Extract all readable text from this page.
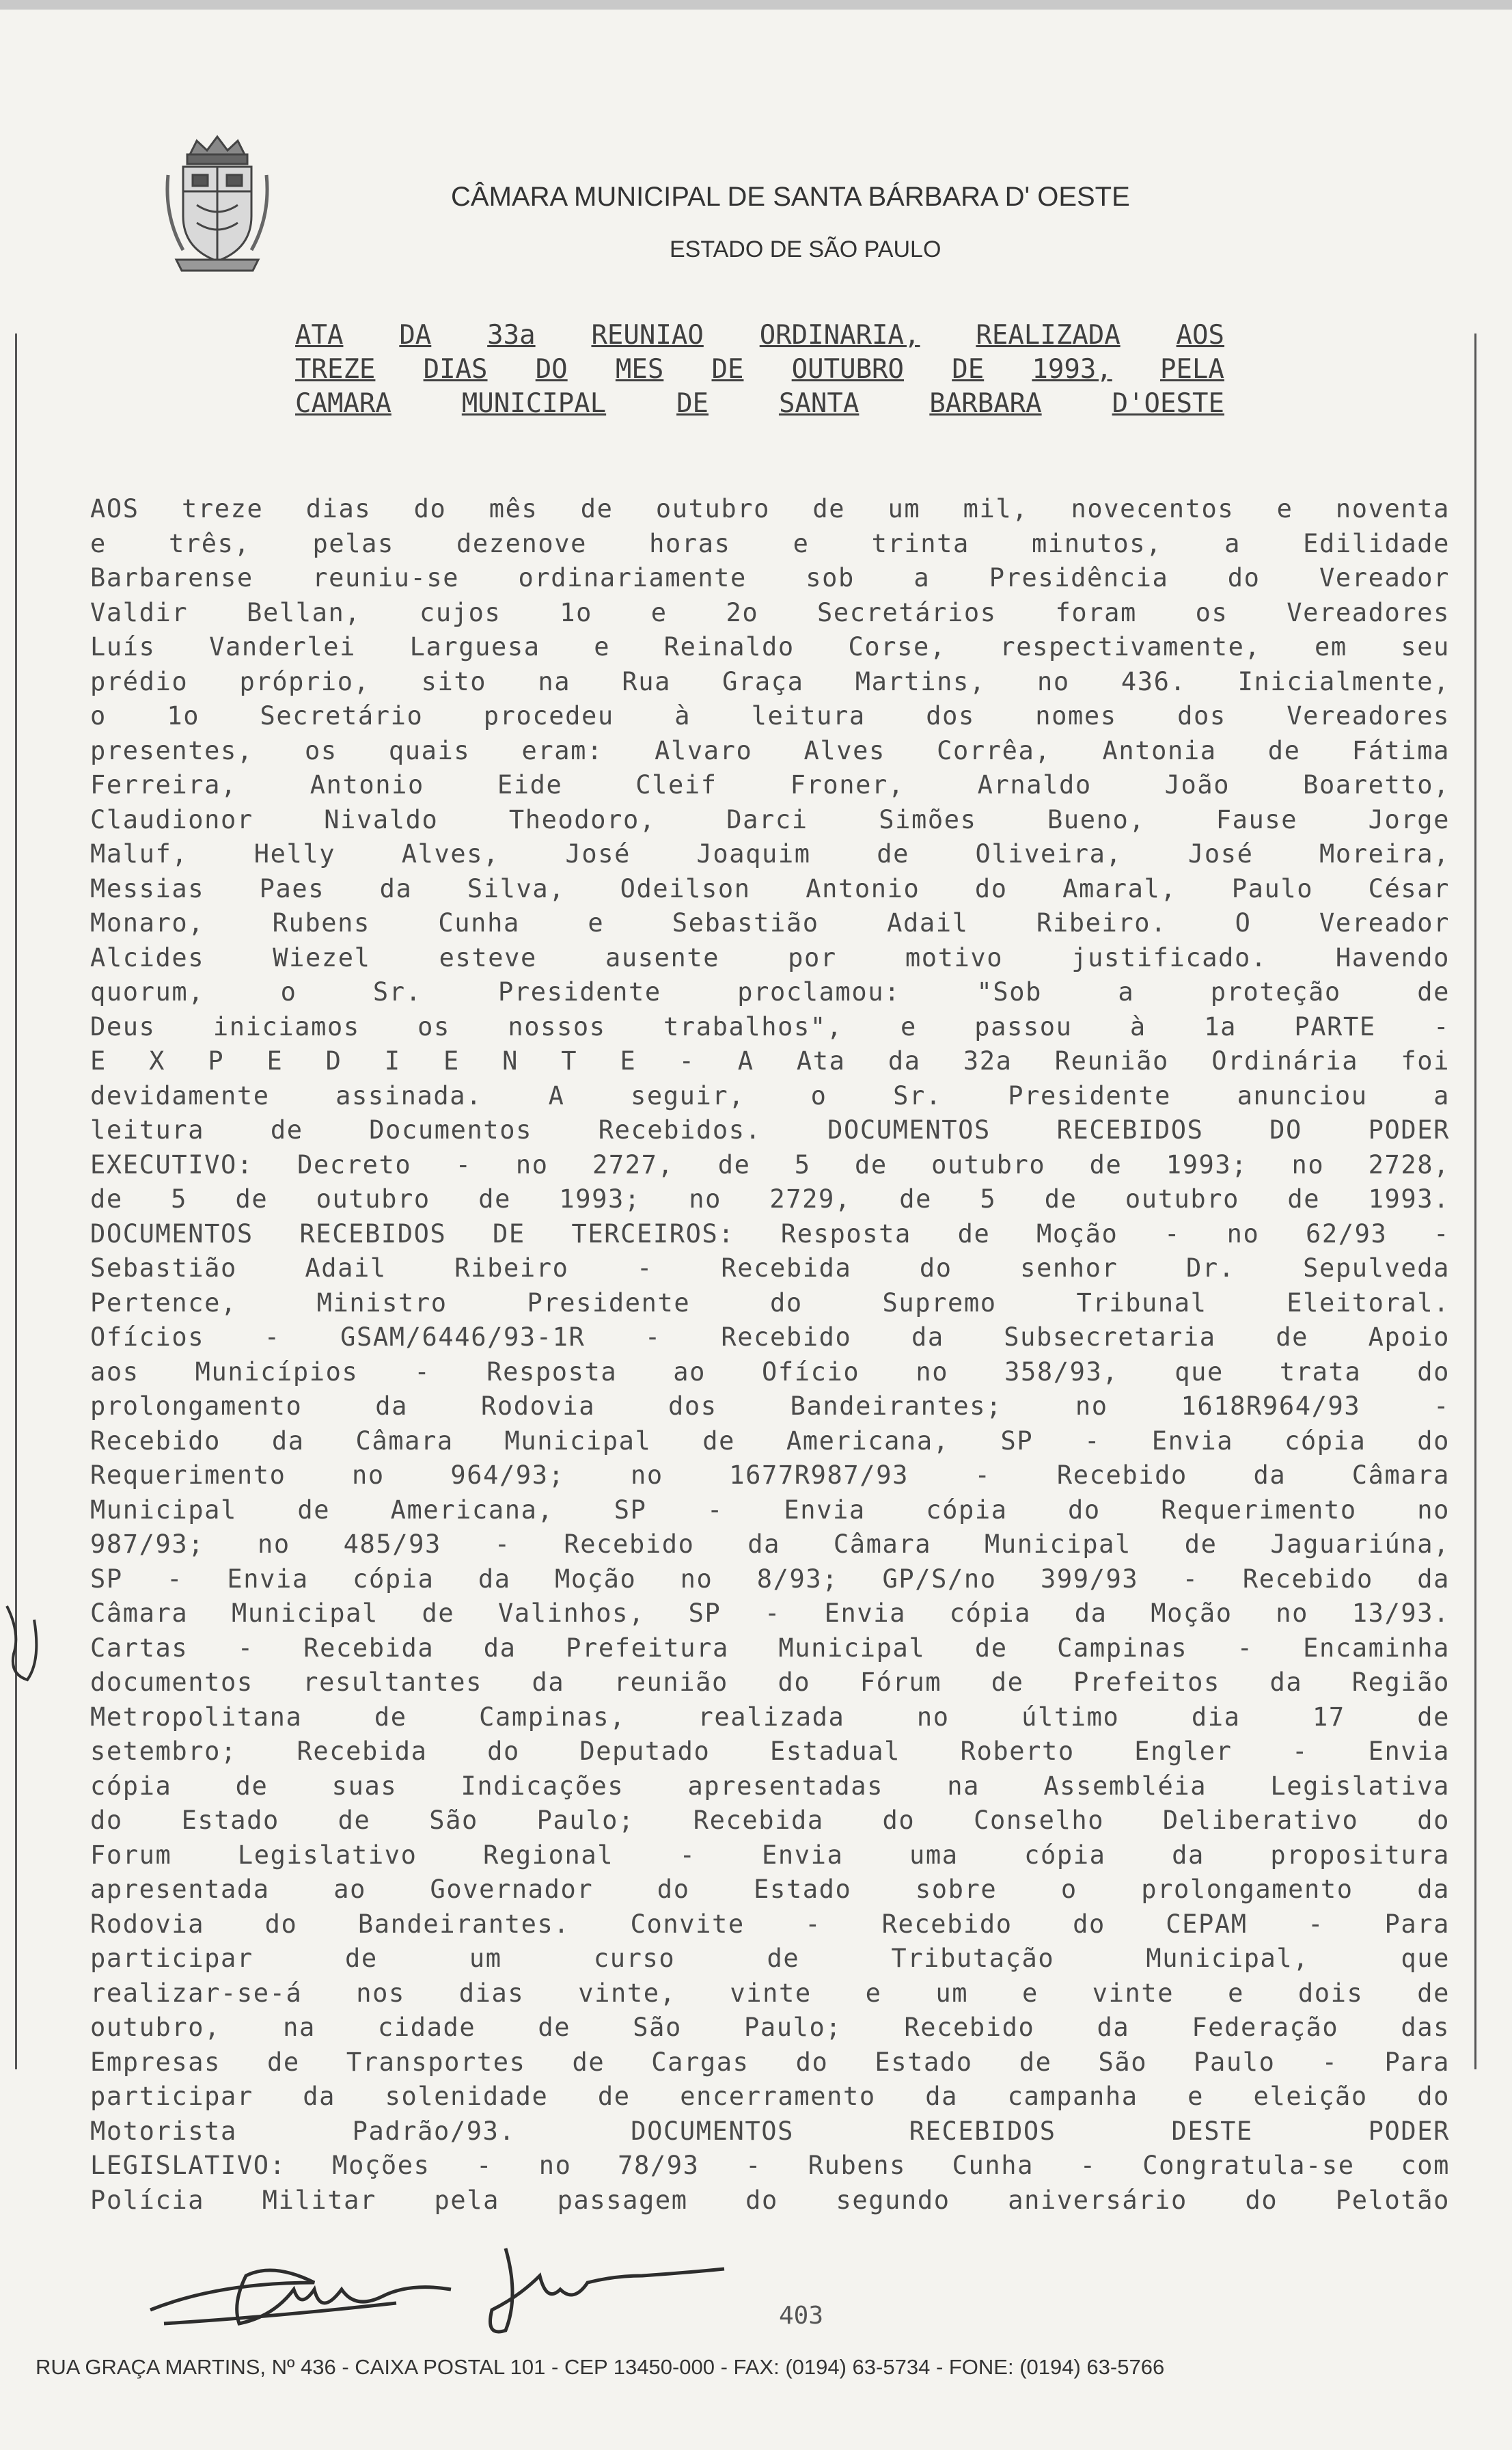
CÂMARA MUNICIPAL DE SANTA BÁRBARA D' OESTE
ESTADO DE SÃO PAULO
ATA DA 33a REUNIAO ORDINARIA, REALIZADA AOS
TREZE DIAS DO MES DE OUTUBRO DE 1993, PELA
CAMARA	MUNICIPAL	DE	SANTA	BARBARA	D'OESTE
AOS treze dias do mês de outubro de um mil, novecentos e noventa
e três, pelas dezenove horas e trinta minutos, a Edilidade
Barbarense reuniu-se ordinariamente sob a Presidência do Vereador
Valdir Bellan, cujos 1o e 2o Secretários foram os Vereadores
Luís Vanderlei Larguesa e Reinaldo Corse, respectivamente, em seu
prédio próprio, sito na Rua Graça Martins, no 436. Inicialmente,
o 1o Secretário procedeu à leitura dos nomes dos Vereadores
presentes, os quais eram: Alvaro Alves Corrêa, Antonia de Fátima
Ferreira, Antonio Eide Cleif Froner, Arnaldo João Boaretto,
Claudionor Nivaldo Theodoro, Darci Simões Bueno, Fause Jorge
Maluf, Helly Alves, José Joaquim de Oliveira, José Moreira,
Messias Paes da Silva, Odeilson Antonio do Amaral, Paulo César
Monaro, Rubens Cunha e Sebastião Adail Ribeiro. O Vereador
Alcides Wiezel esteve ausente por motivo justificado. Havendo
quorum, o Sr. Presidente proclamou: "Sob a proteção de
Deus iniciamos os nossos trabalhos", e passou à 1a PARTE -
E X P E D I E N T E - A Ata da 32a Reunião Ordinária foi
devidamente assinada. A seguir, o Sr. Presidente anunciou a
leitura de Documentos Recebidos. DOCUMENTOS RECEBIDOS DO PODER
EXECUTIVO: Decreto - no 2727, de 5 de outubro de 1993; no 2728,
de 5 de outubro de 1993; no 2729, de 5 de outubro de 1993.
DOCUMENTOS RECEBIDOS DE TERCEIROS: Resposta de Moção - no 62/93 -
Sebastião Adail Ribeiro - Recebida do senhor Dr. Sepulveda
Pertence, Ministro Presidente do Supremo Tribunal Eleitoral.
Ofícios - GSAM/6446/93-1R - Recebido da Subsecretaria de Apoio
aos Municípios - Resposta ao Ofício no 358/93, que trata do
prolongamento da Rodovia dos Bandeirantes; no 1618R964/93 -
Recebido da Câmara Municipal de Americana, SP - Envia cópia do
Requerimento no 964/93; no 1677R987/93 - Recebido da Câmara
Municipal de Americana, SP - Envia cópia do Requerimento no
987/93; no 485/93 - Recebido da Câmara Municipal de Jaguariúna,
SP - Envia cópia da Moção no 8/93; GP/S/no 399/93 - Recebido da
Câmara Municipal de Valinhos, SP - Envia cópia da Moção no 13/93.
Cartas - Recebida da Prefeitura Municipal de Campinas - Encaminha
documentos resultantes da reunião do Fórum de Prefeitos da Região
Metropolitana de Campinas, realizada no último dia 17 de
setembro; Recebida do Deputado Estadual Roberto Engler - Envia
cópia de suas Indicações apresentadas na Assembléia Legislativa
do Estado de São Paulo; Recebida do Conselho Deliberativo do
Forum Legislativo Regional - Envia uma cópia da propositura
apresentada ao Governador do Estado sobre o prolongamento da
Rodovia do Bandeirantes. Convite - Recebido do CEPAM - Para
participar de um curso de Tributação Municipal, que
realizar-se-á nos dias vinte, vinte e um e vinte e dois de
outubro, na cidade de São Paulo; Recebido da Federação das
Empresas de Transportes de Cargas do Estado de São Paulo - Para
participar da solenidade de encerramento da campanha e eleição do
Motorista Padrão/93. DOCUMENTOS RECEBIDOS DESTE PODER
LEGISLATIVO: Moções - no 78/93 - Rubens Cunha - Congratula-se com
Polícia Militar pela passagem do segundo aniversário do Pelotão
403
RUA GRAÇA MARTINS, Nº 436 - CAIXA POSTAL 101 - CEP 13450-000 - FAX: (0194) 63-5734 - FONE: (0194) 63-5766
